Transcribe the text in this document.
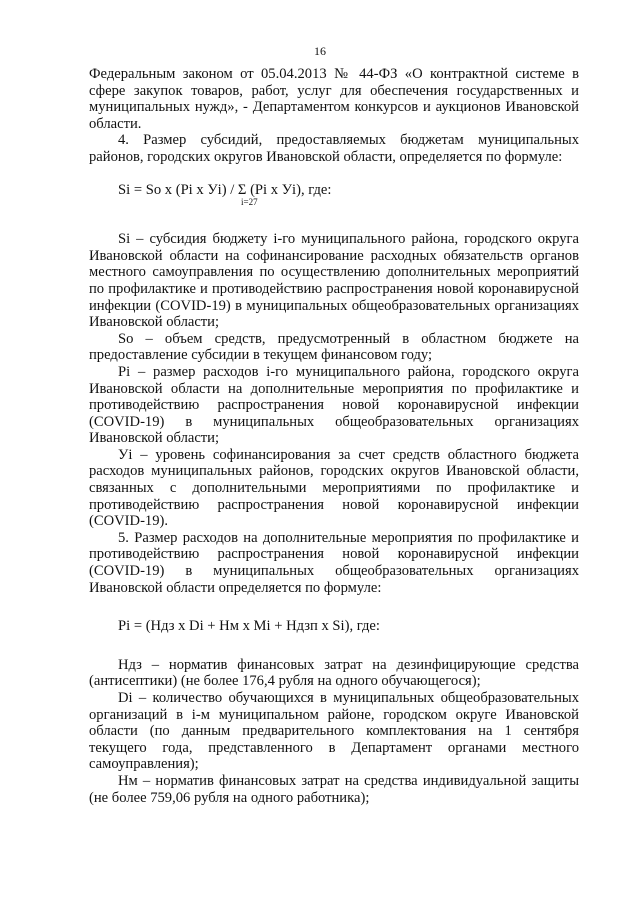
16

Федеральным законом от 05.04.2013 № 44-ФЗ «О контрактной системе в сфере закупок товаров, работ, услуг для обеспечения государственных и муниципальных нужд», - Департаментом конкурсов и аукционов Ивановской области.

4. Размер субсидий, предоставляемых бюджетам муниципальных районов, городских округов Ивановской области, определяется по формуле:

Si = So x (Pi x Уi) / Σ (Pi x Уi), где:

i=27

Si – субсидия бюджету i-го муниципального района, городского округа Ивановской области на софинансирование расходных обязательств органов местного самоуправления по осуществлению дополнительных мероприятий по профилактике и противодействию распространения новой коронавирусной инфекции (COVID-19) в муниципальных общеобразовательных организациях Ивановской области;

So – объем средств, предусмотренный в областном бюджете на предоставление субсидии в текущем финансовом году;

Pi – размер расходов i-го муниципального района, городского округа Ивановской области на дополнительные мероприятия по профилактике и противодействию распространения новой коронавирусной инфекции (COVID-19) в муниципальных общеобразовательных организациях Ивановской области;

Уi – уровень софинансирования за счет средств областного бюджета расходов муниципальных районов, городских округов Ивановской области, связанных с дополнительными мероприятиями по профилактике и противодействию распространения новой коронавирусной инфекции (COVID-19).

5. Размер расходов на дополнительные мероприятия по профилактике и противодействию распространения новой коронавирусной инфекции (COVID-19) в муниципальных общеобразовательных организациях Ивановской области определяется по формуле:

Pi = (Ндз x Di + Нм x Mi + Ндзп x Si), где:

Ндз – норматив финансовых затрат на дезинфицирующие средства (антисептики) (не более 176,4 рубля на одного обучающегося);

Di – количество обучающихся в муниципальных общеобразовательных организаций в i-м муниципальном районе, городском округе Ивановской области (по данным предварительного комплектования на 1 сентября текущего года, представленного в Департамент органами местного самоуправления);

Нм – норматив финансовых затрат на средства индивидуальной защиты (не более 759,06 рубля на одного работника);
